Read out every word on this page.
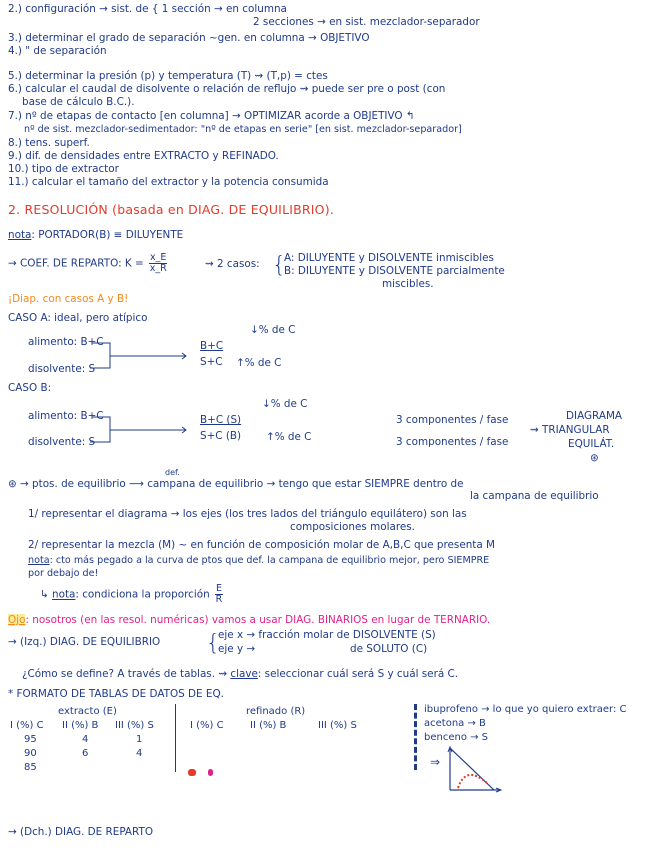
2.) configuración → sist. de { 1 sección → en columna
2 secciones → en sist. mezclador-separador
3.) determinar el grado de separación ~gen. en columna → OBJETIVO
4.) " de separación
5.) determinar la presión (p) y temperatura (T) ⇝ (T,p) = ctes
6.) calcular el caudal de disolvente o relación de reflujo ⇝ puede ser pre o post (con
base de cálculo B.C.).
7.) nº de etapas de contacto [en columna] → OPTIMIZAR acorde a OBJETIVO ↰
nº de sist. mezclador-sedimentador: "nº de etapas en serie" [en sist. mezclador-separador]
8.) tens. superf.
9.) dif. de densidades entre EXTRACTO y REFINADO.
10.) tipo de extractor
11.) calcular el tamaño del extractor y la potencia consumida
2. RESOLUCIÓN (basada en DIAG. DE EQUILIBRIO).
nota: PORTADOR(B) ≡ DILUYENTE
→ COEF. DE REPARTO: $K = \frac{x\_E}{x\_R}$	⇝ 2 casos: {
A: DILUYENTE y DISOLVENTE inmiscibles
B: DILUYENTE y DISOLVENTE parcialmente
miscibles.
¡Diap. con casos A y B!
CASO A: ideal, pero atípico
alimento: B+C
disolvente: S
B+C
S+C
↓% de C
↑% de C
CASO B:
alimento: B+C
disolvente: S
B+C (S)
S+C (B)
↓% de C
↑% de C
3 componentes / fase
3 componentes / fase
DIAGRAMA
⇝ TRIANGULAR
EQUILÁT.
⊛
⊛ → ptos. de equilibrio ⟶ campana de equilibrio → tengo que estar SIEMPRE dentro de
def.
la campana de equilibrio
1/ representar el diagrama → los ejes (los tres lados del triángulo equilátero) son las
composiciones molares.
2/ representar la mezcla (M) ~ en función de composición molar de A,B,C que presenta M
nota: cto más pegado a la curva de ptos que def. la campana de equilibrio mejor, pero SIEMPRE
por debajo de!
↳ nota: condiciona la proporción $\frac{E}{R}$
Ojo: nosotros (en las resol. numéricas) vamos a usar DIAG. BINARIOS en lugar de TERNARIO.
→ (Izq.) DIAG. DE EQUILIBRIO	{
eje x → fracción molar de DISOLVENTE (S)
eje y →	de SOLUTO (C)
¿Cómo se define? A través de tablas. ⇝ clave: seleccionar cuál será S y cuál será C.
* FORMATO DE TABLAS DE DATOS DE EQ.
extracto (E)
I (%) C II (%) B III (%) S
95	4	1
90	6	4
85
refinado (R)
I (%) C	II (%) B	III (%) S
ibuprofeno → lo que yo quiero extraer: C
acetona → B
benceno → S
⇒
→ (Dch.) DIAG. DE REPARTO
